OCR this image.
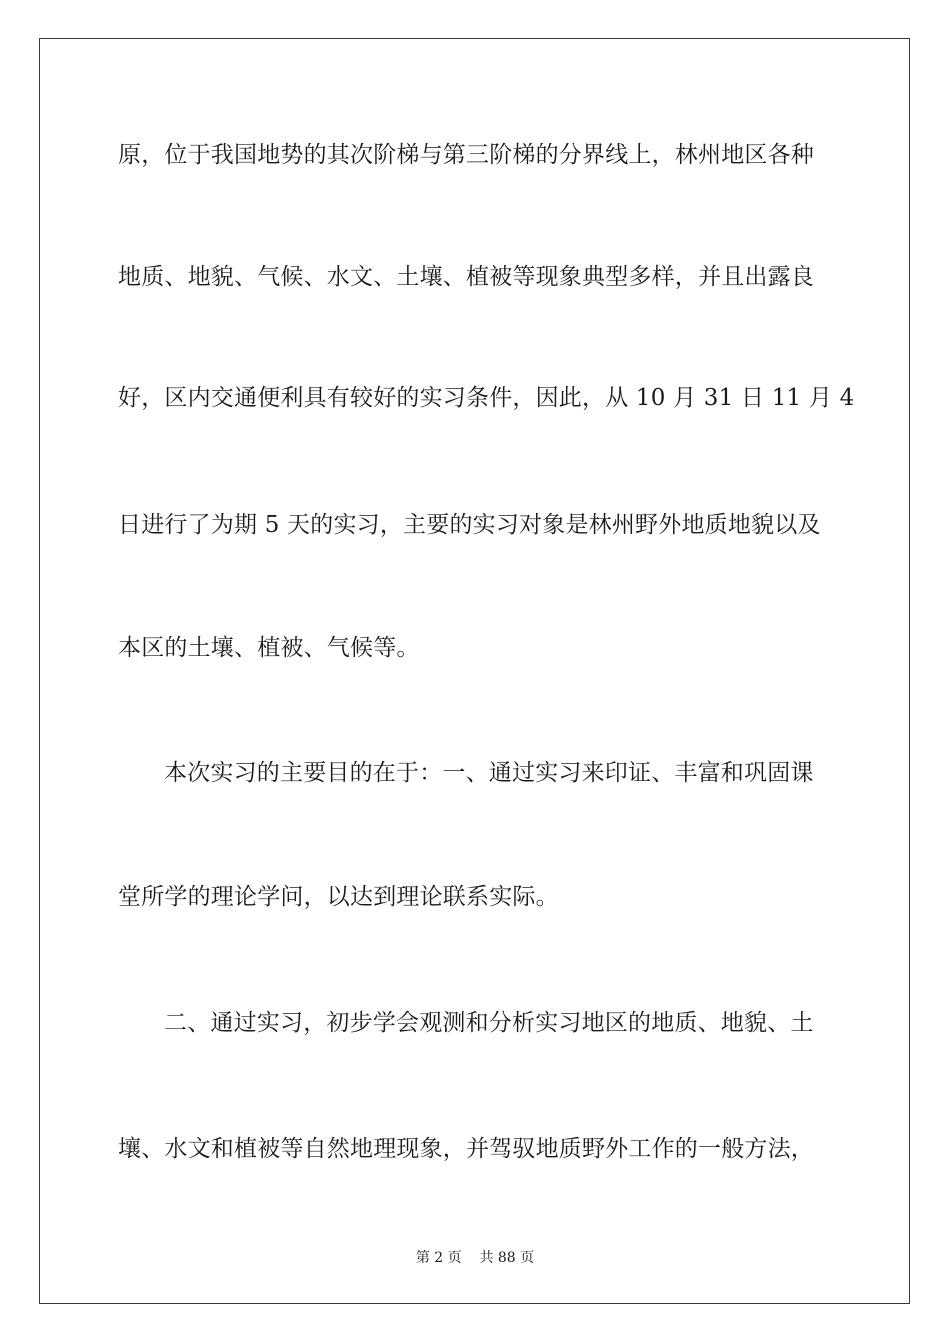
原，位于我国地势的其次阶梯与第三阶梯的分界线上，林州地区各种
地质、地貌、气候、水文、土壤、植被等现象典型多样，并且出露良
好，区内交通便利具有较好的实习条件，因此，从 10 月 31 日 11 月 4
日进行了为期 5 天的实习，主要的实习对象是林州野外地质地貌以及
本区的土壤、植被、气候等。
本次实习的主要目的在于：一、通过实习来印证、丰富和巩固课
堂所学的理论学问，以达到理论联系实际。
二、通过实习，初步学会观测和分析实习地区的地质、地貌、土
壤、水文和植被等自然地理现象，并驾驭地质野外工作的一般方法，
第 2 页 共 88 页
